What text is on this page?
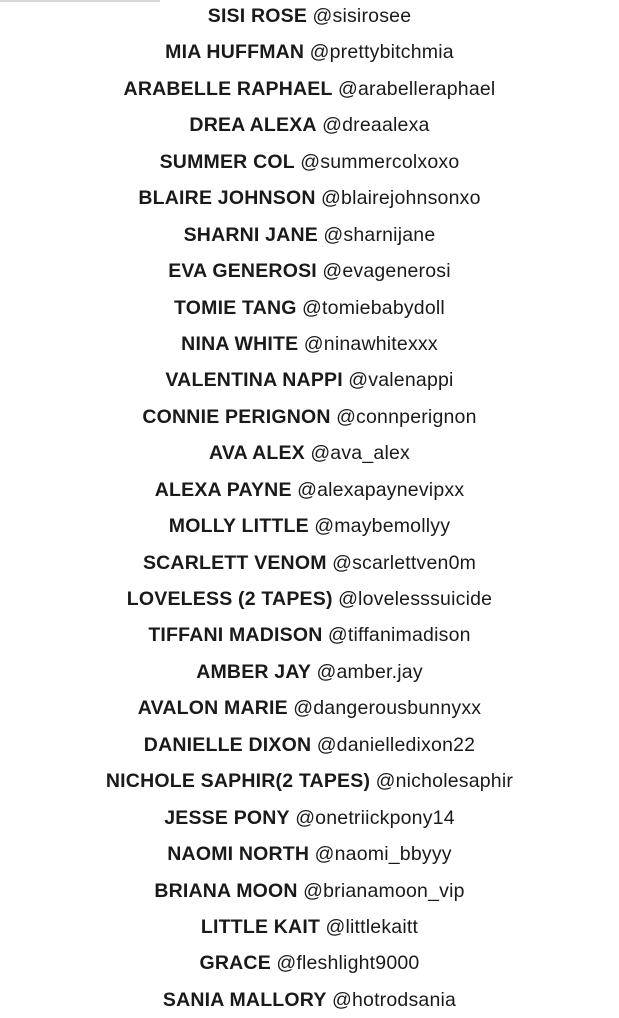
SISI ROSE @sisirosee
MIA HUFFMAN @prettybitchmia
ARABELLE RAPHAEL @arabelleraphael
DREA ALEXA @dreaalexa
SUMMER COL @summercolxoxo
BLAIRE JOHNSON @blairejohnsonxo
SHARNI JANE @sharnijane
EVA GENEROSI @evagenerosi
TOMIE TANG @tomiebabydoll
NINA WHITE @ninawhitexxx
VALENTINA NAPPI @valenappi
CONNIE PERIGNON @connperignon
AVA ALEX @ava_alex
ALEXA PAYNE @alexapaynevipxx
MOLLY LITTLE @maybemollyy
SCARLETT VENOM @scarlettven0m
LOVELESS (2 TAPES) @lovelesssuicide
TIFFANI MADISON @tiffanimadison
AMBER JAY @amber.jay
AVALON MARIE @dangerousbunnyxx
DANIELLE DIXON @danielledixon22
NICHOLE SAPHIR(2 TAPES) @nicholesaphir
JESSE PONY @onetriickpony14
NAOMI NORTH @naomi_bbyyy
BRIANA MOON @brianamoon_vip
LITTLE KAIT @littlekaitt
GRACE @fleshlight9000
SANIA MALLORY @hotrodsania
